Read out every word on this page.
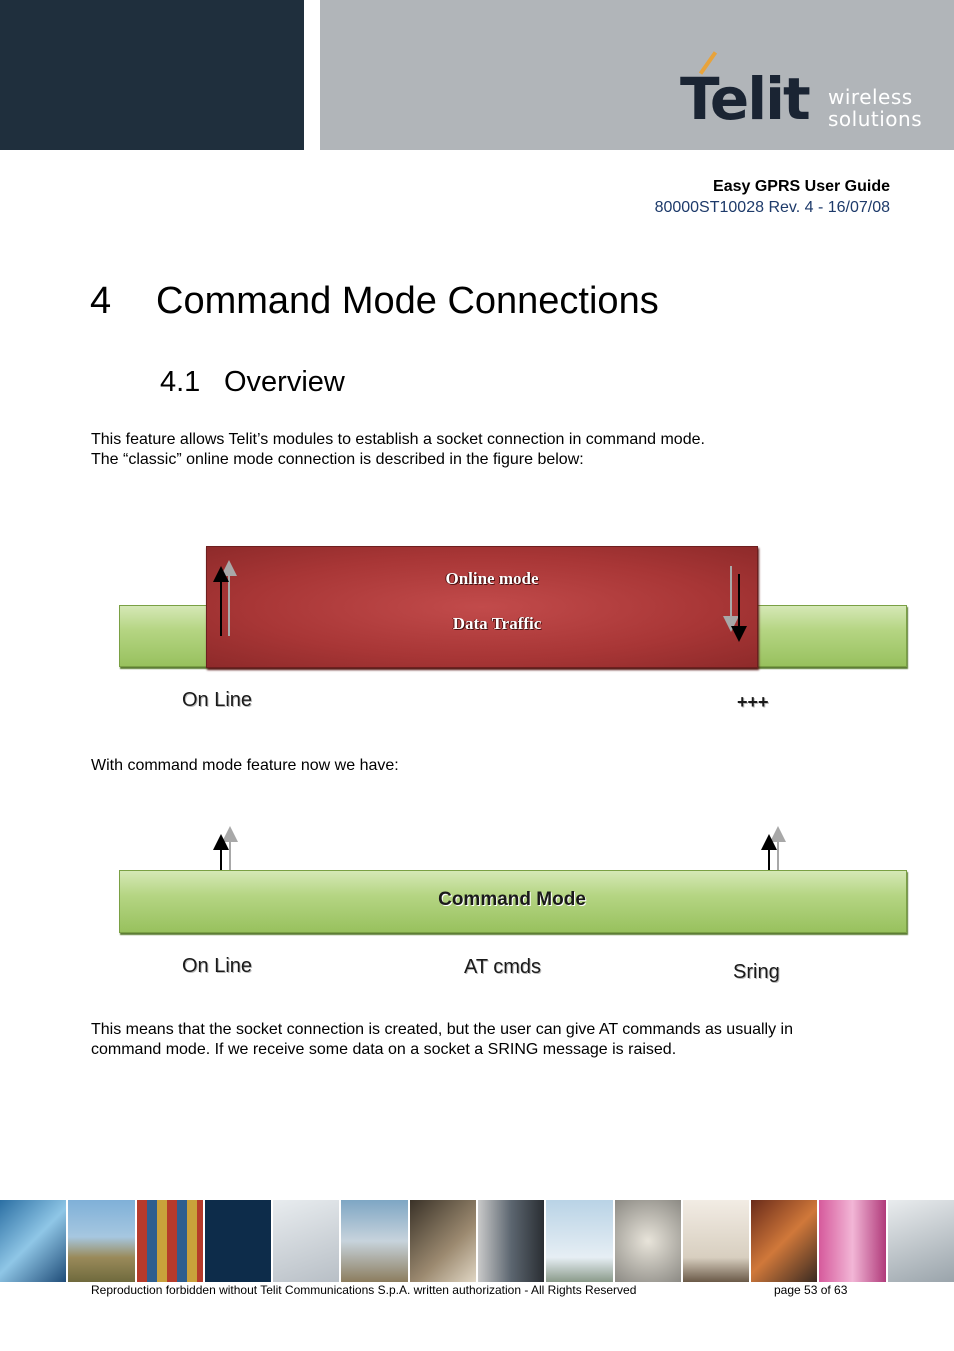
Telit wireless
solutions
Easy GPRS User Guide
80000ST10028 Rev. 4 - 16/07/08
4 Command Mode Connections
4.1 Overview
This feature allows Telit’s modules to establish a socket connection in command mode.
The “classic” online mode connection is described in the figure below:
Online mode
Data Traffic
On Line	+++
With command mode feature now we have:
Command Mode
On Line	AT cmds	Sring
This means that the socket connection is created, but the user can give AT commands as usually in
command mode. If we receive some data on a socket a SRING message is raised.
Reproduction forbidden without Telit Communications S.p.A. written authorization - All Rights Reserved	page 53 of 63
